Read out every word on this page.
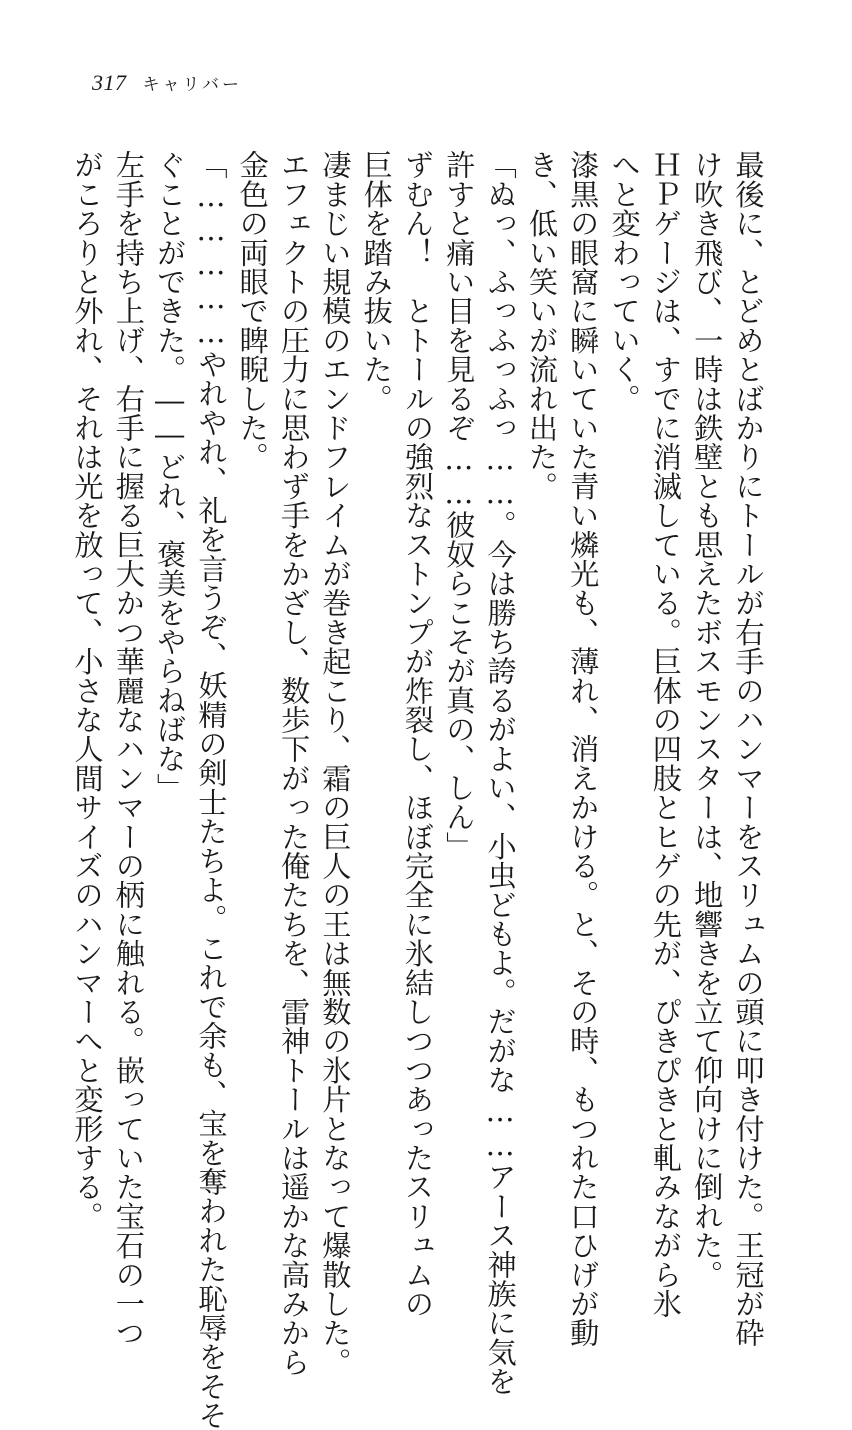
317 キャリバー
最後に、とどめとばかりにトールが右手のハンマーをスリュムの頭に叩き付けた。王冠が砕
け吹き飛び、一時は鉄壁とも思えたボスモンスターは、地響きを立て仰向けに倒れた。
ＨＰゲージは、すでに消滅している。巨体の四肢とヒゲの先が、ぴきぴきと軋みながら氷
へと変わっていく。
漆黒の眼窩に瞬いていた青い燐光も、薄れ、消えかける。と、その時、もつれた口ひげが動
き、低い笑いが流れ出た。
「ぬっ、ふっふっふっ……。今は勝ち誇るがよい、小虫どもよ。だがな……アース神族に気を
許すと痛い目を見るぞ……彼奴らこそが真の、しん」
ずむん！　とトールの強烈なストンプが炸裂し、ほぼ完全に氷結しつつあったスリュムの
巨体を踏み抜いた。
凄まじい規模のエンドフレイムが巻き起こり、霜の巨人の王は無数の氷片となって爆散した。
エフェクトの圧力に思わず手をかざし、数歩下がった俺たちを、雷神トールは遥かな高みから
金色の両眼で睥睨した。
「……………やれやれ、礼を言うぞ、妖精の剣士たちよ。これで余も、宝を奪われた恥辱をそそ
ぐことができた。――どれ、褒美をやらねばな」
左手を持ち上げ、右手に握る巨大かつ華麗なハンマーの柄に触れる。嵌っていた宝石の一つ
がころりと外れ、それは光を放って、小さな人間サイズのハンマーへと変形する。
